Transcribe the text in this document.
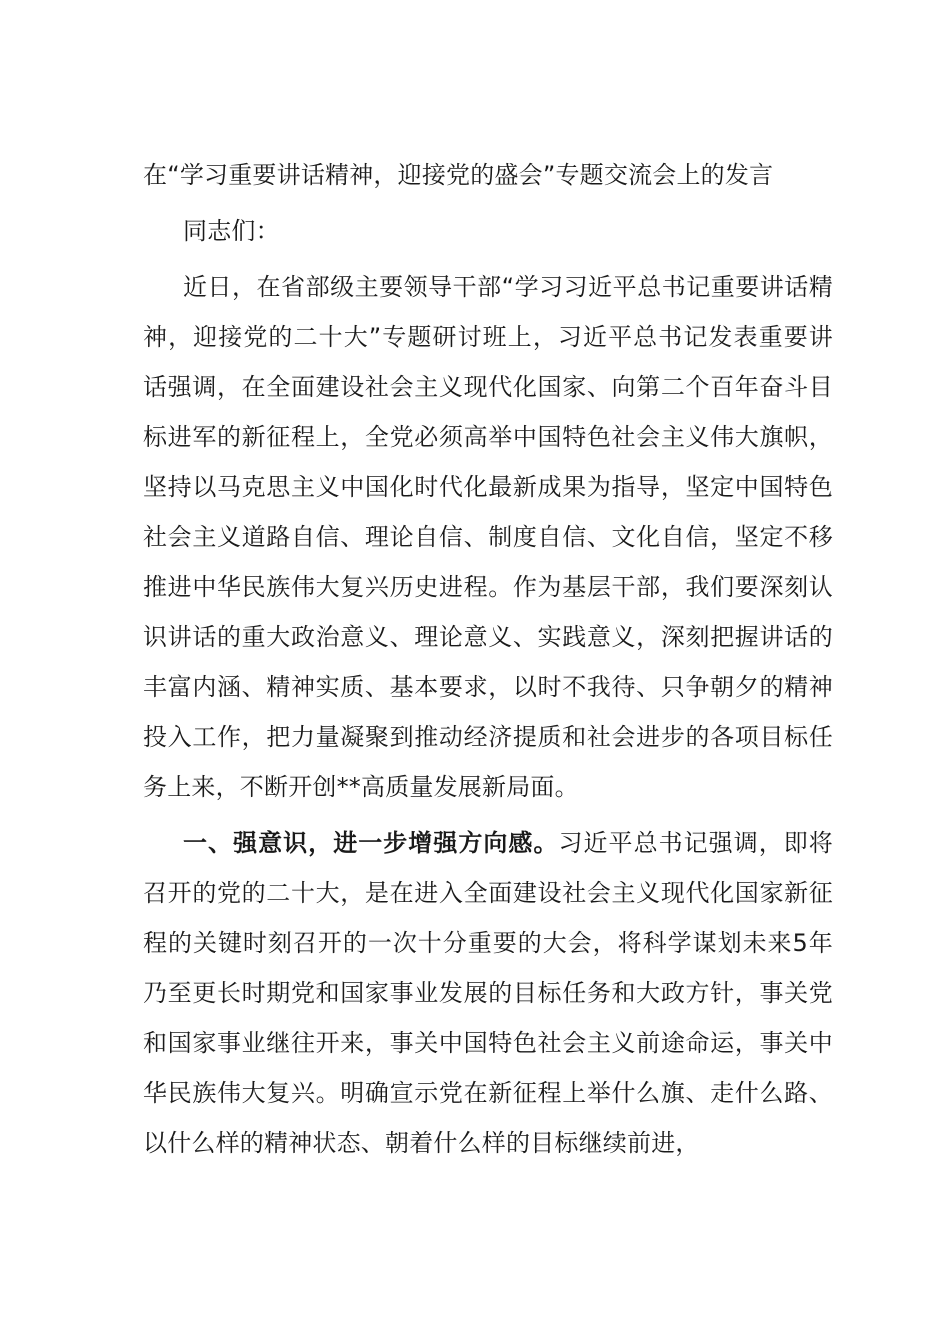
在“学习重要讲话精神，迎接党的盛会”专题交流会上的发言

同志们：

近日，在省部级主要领导干部“学习习近平总书记重要讲话精神，迎接党的二十大”专题研讨班上，习近平总书记发表重要讲话强调，在全面建设社会主义现代化国家、向第二个百年奋斗目标进军的新征程上，全党必须高举中国特色社会主义伟大旗帜，坚持以马克思主义中国化时代化最新成果为指导，坚定中国特色社会主义道路自信、理论自信、制度自信、文化自信，坚定不移推进中华民族伟大复兴历史进程。作为基层干部，我们要深刻认识讲话的重大政治意义、理论意义、实践意义，深刻把握讲话的丰富内涵、精神实质、基本要求，以时不我待、只争朝夕的精神投入工作，把力量凝聚到推动经济提质和社会进步的各项目标任务上来，不断开创**高质量发展新局面。

一、强意识，进一步增强方向感。习近平总书记强调，即将召开的党的二十大，是在进入全面建设社会主义现代化国家新征程的关键时刻召开的一次十分重要的大会，将科学谋划未来5年乃至更长时期党和国家事业发展的目标任务和大政方针，事关党和国家事业继往开来，事关中国特色社会主义前途命运，事关中华民族伟大复兴。明确宣示党在新征程上举什么旗、走什么路、以什么样的精神状态、朝着什么样的目标继续前进，
